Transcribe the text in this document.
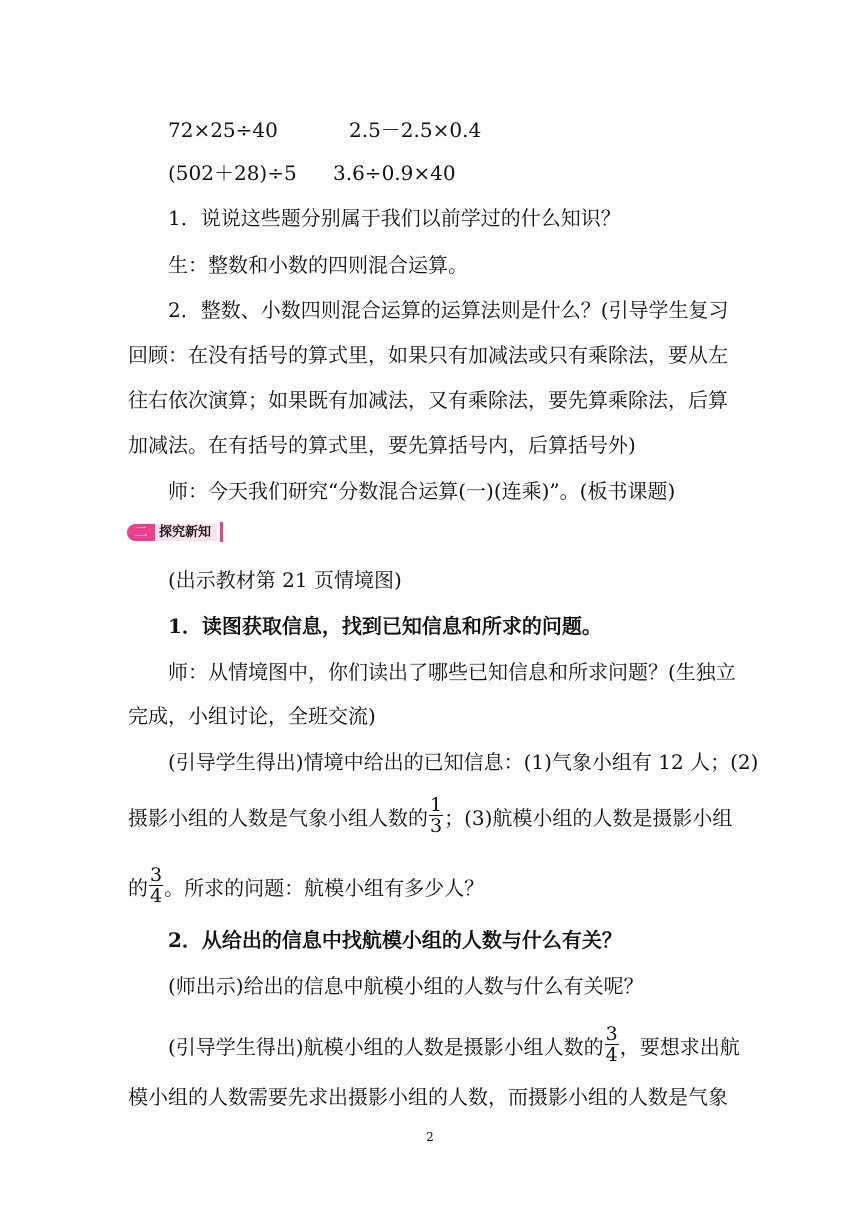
72×25÷40	2.5－2.5×0.4
(502＋28)÷5 3.6÷0.9×40
1．说说这些题分别属于我们以前学过的什么知识？
生：整数和小数的四则混合运算。
2．整数、小数四则混合运算的运算法则是什么？(引导学生复习
回顾：在没有括号的算式里，如果只有加减法或只有乘除法，要从左
往右依次演算；如果既有加减法，又有乘除法，要先算乘除法，后算
加减法。在有括号的算式里，要先算括号内，后算括号外)
师：今天我们研究“分数混合运算(一)(连乘)”。(板书课题)
二 探究新知
(出示教材第 21 页情境图)
1．读图获取信息，找到已知信息和所求的问题。
师：从情境图中，你们读出了哪些已知信息和所求问题？(生独立
完成，小组讨论，全班交流)
(引导学生得出)情境中给出的已知信息：(1)气象小组有 12 人；(2)
摄影小组的人数是气象小组人数的 $\frac{1}{3}$ ；(3)航模小组的人数是摄影小组
的 $\frac{3}{4}$ 。所求的问题：航模小组有多少人？
2．从给出的信息中找航模小组的人数与什么有关？
(师出示)给出的信息中航模小组的人数与什么有关呢？
(引导学生得出)航模小组的人数是摄影小组人数的 $\frac{3}{4}$ ，要想求出航
模小组的人数需要先求出摄影小组的人数，而摄影小组的人数是气象
2
